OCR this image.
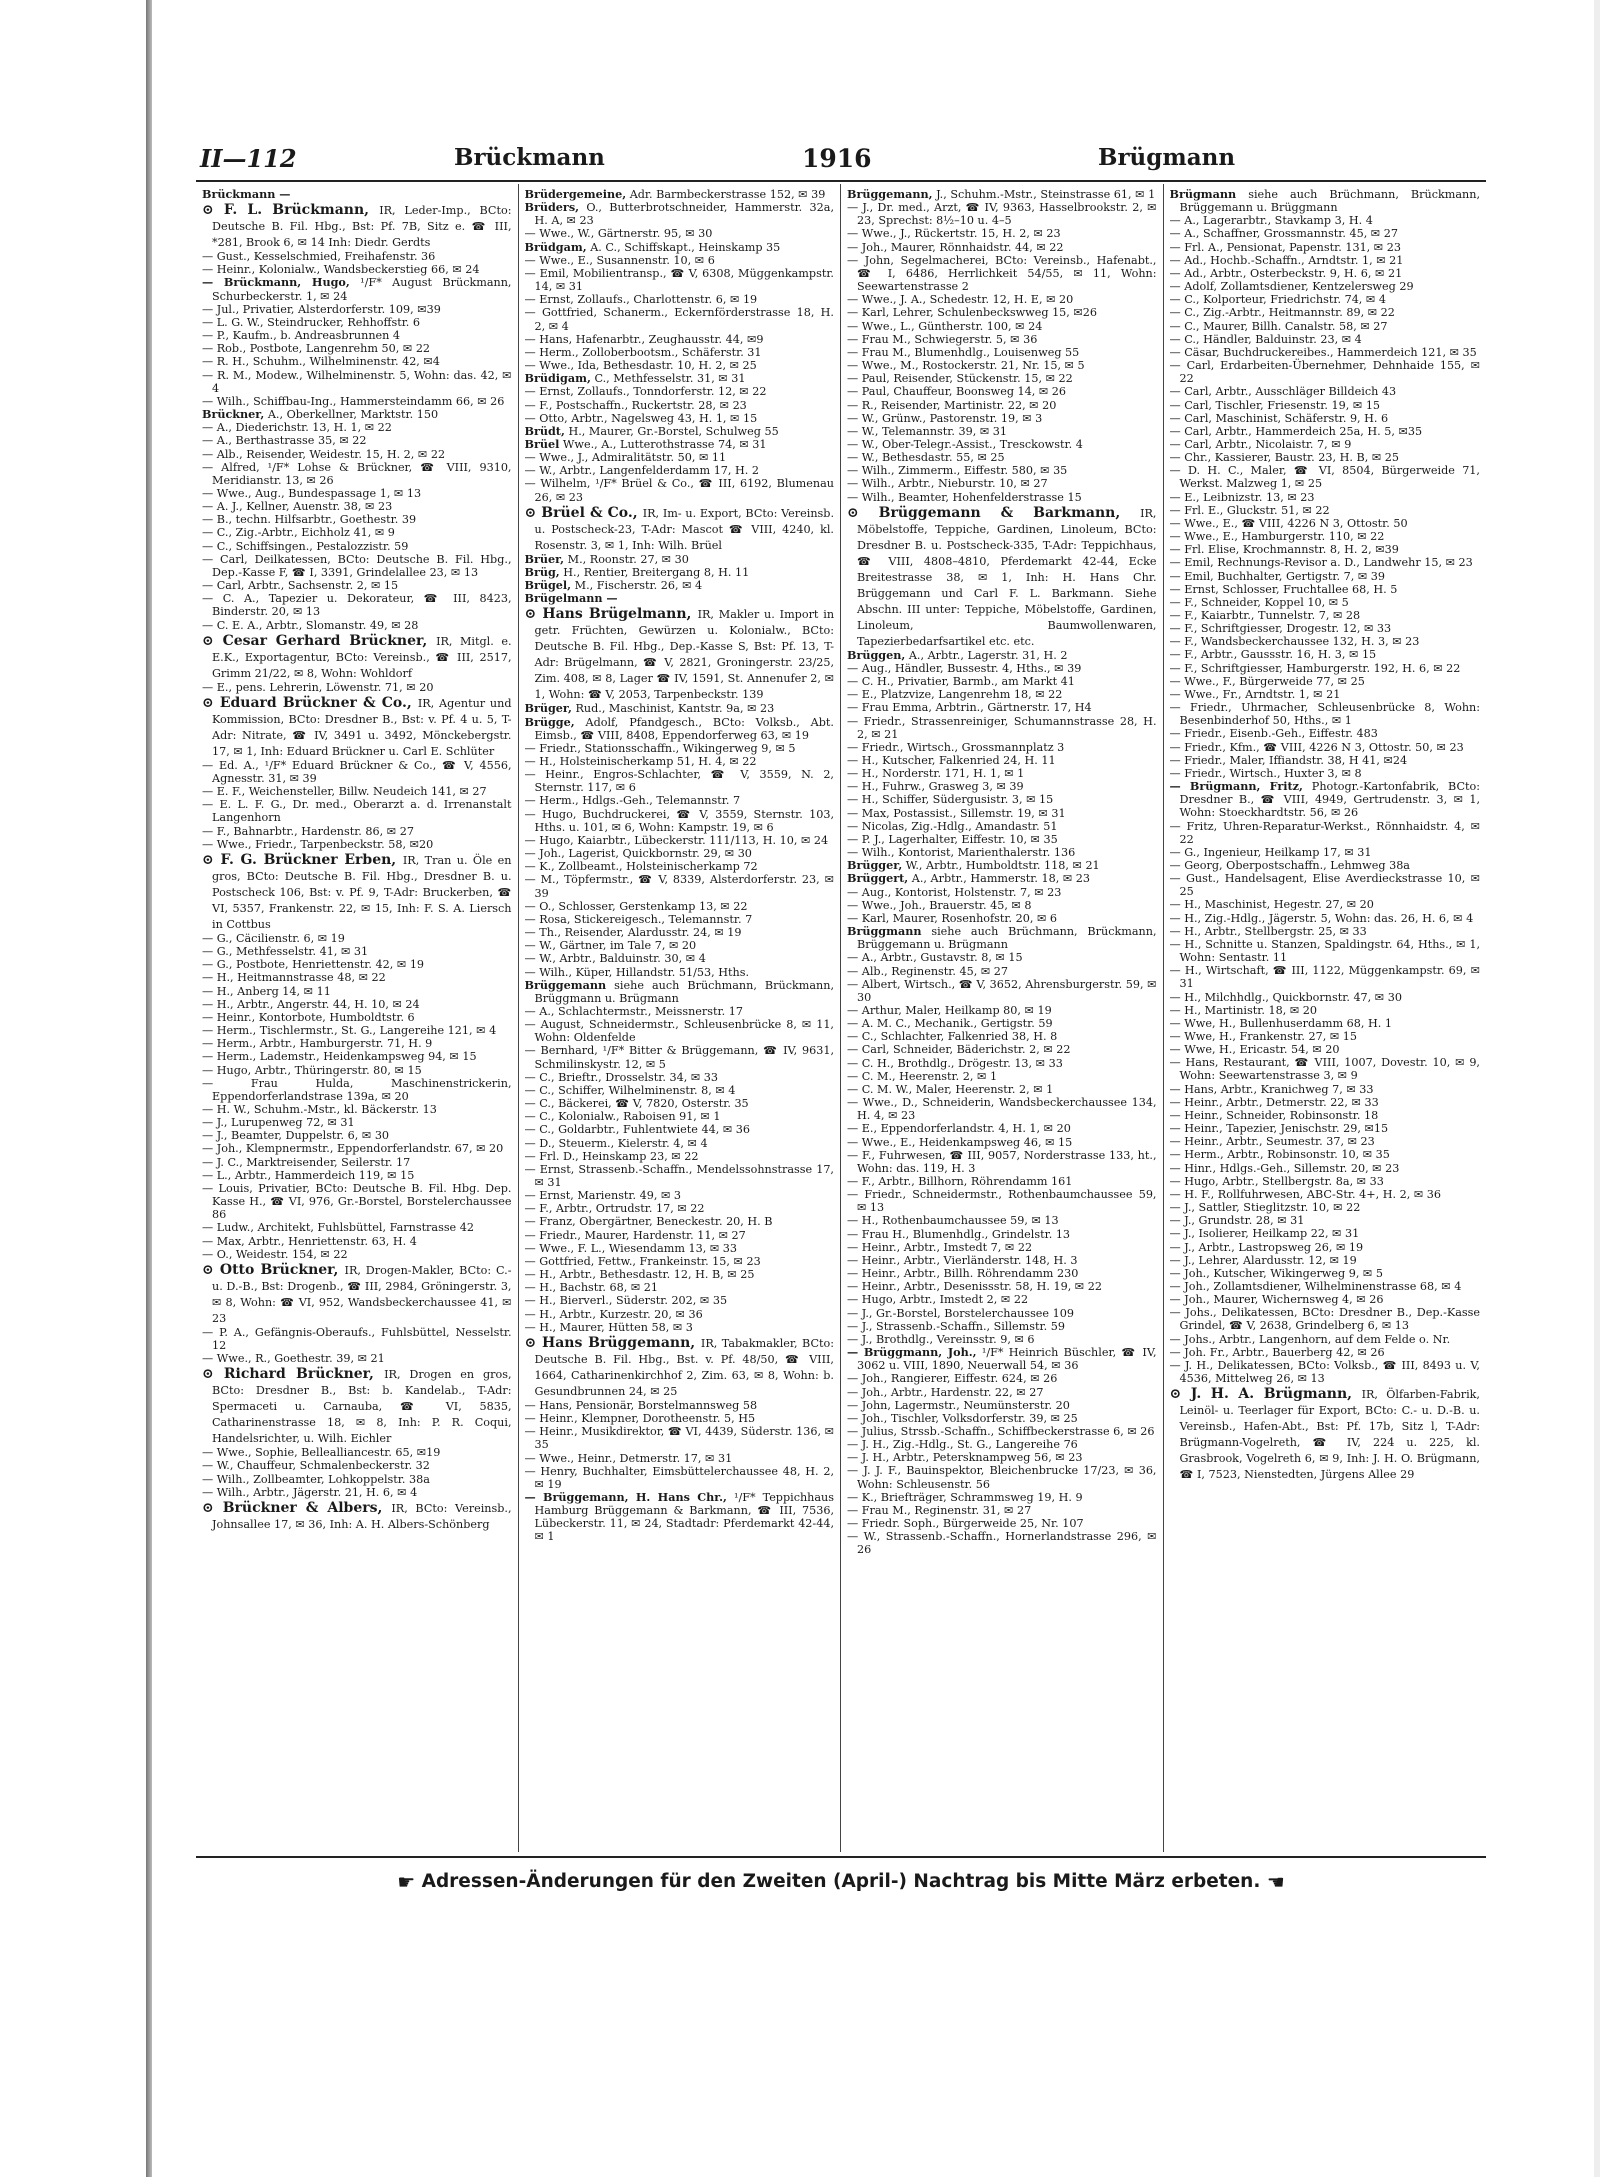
II—112	Brückmann	1916	Brügmann

Brückmann —

⊙ F. L. Brückmann, IR, Leder-Imp., BCto: Deutsche B. Fil. Hbg., Bst: Pf. 7B, Sitz e. ☎ III, *281, Brook 6, ✉ 14 Inh: Diedr. Gerdts

— Gust., Kesselschmied, Freihafenstr. 36

— Heinr., Kolonialw., Wandsbeckerstieg 66, ✉ 24

— Brückmann, Hugo, ¹/F* August Brückmann, Schurbeckerstr. 1, ✉ 24

— Jul., Privatier, Alsterdorferstr. 109, ✉39

— L. G. W., Steindrucker, Rehhoffstr. 6

— P., Kaufm., b. Andreasbrunnen 4

— Rob., Postbote, Langenrehm 50, ✉ 22

— R. H., Schuhm., Wilhelminenstr. 42, ✉4

— R. M., Modew., Wilhelminenstr. 5, Wohn: das. 42, ✉ 4

— Wilh., Schiffbau-Ing., Hammersteindamm 66, ✉ 26

Brückner, A., Oberkellner, Marktstr. 150

— A., Diederichstr. 13, H. 1, ✉ 22

— A., Berthastrasse 35, ✉ 22

— Alb., Reisender, Weidestr. 15, H. 2, ✉ 22

— Alfred, ¹/F* Lohse & Brückner, ☎ VIII, 9310, Meridianstr. 13, ✉ 26

— Wwe., Aug., Bundespassage 1, ✉ 13

— A. J., Kellner, Auenstr. 38, ✉ 23

— B., techn. Hilfsarbtr., Goethestr. 39

— C., Zig.-Arbtr., Eichholz 41, ✉ 9

— C., Schiffsingen., Pestalozzistr. 59

— Carl, Deilkatessen, BCto: Deutsche B. Fil. Hbg., Dep.-Kasse F, ☎ I, 3391, Grindelallee 23, ✉ 13

— Carl, Arbtr., Sachsenstr. 2, ✉ 15

— C. A., Tapezier u. Dekorateur, ☎ III, 8423, Binderstr. 20, ✉ 13

— C. E. A., Arbtr., Slomanstr. 49, ✉ 28

⊙ Cesar Gerhard Brückner, IR, Mitgl. e. E.K., Exportagentur, BCto: Vereinsb., ☎ III, 2517, Grimm 21/22, ✉ 8, Wohn: Wohldorf

— E., pens. Lehrerin, Löwenstr. 71, ✉ 20

⊙ Eduard Brückner & Co., IR, Agentur und Kommission, BCto: Dresdner B., Bst: v. Pf. 4 u. 5, T-Adr: Nitrate, ☎ IV, 3491 u. 3492, Mönckebergstr. 17, ✉ 1, Inh: Eduard Brückner u. Carl E. Schlüter

— Ed. A., ¹/F* Eduard Brückner & Co., ☎ V, 4556, Agnesstr. 31, ✉ 39

— E. F., Weichensteller, Billw. Neudeich 141, ✉ 27

— E. L. F. G., Dr. med., Oberarzt a. d. Irrenanstalt Langenhorn

— F., Bahnarbtr., Hardenstr. 86, ✉ 27

— Wwe., Friedr., Tarpenbeckstr. 58, ✉20

⊙ F. G. Brückner Erben, IR, Tran u. Öle en gros, BCto: Deutsche B. Fil. Hbg., Dresdner B. u. Postscheck 106, Bst: v. Pf. 9, T-Adr: Bruckerben, ☎ VI, 5357, Frankenstr. 22, ✉ 15, Inh: F. S. A. Liersch in Cottbus

— G., Cäcilienstr. 6, ✉ 19

— G., Methfesselstr. 41, ✉ 31

— G., Postbote, Henriettenstr. 42, ✉ 19

— H., Heitmannstrasse 48, ✉ 22

— H., Anberg 14, ✉ 11

— H., Arbtr., Angerstr. 44, H. 10, ✉ 24

— Heinr., Kontorbote, Humboldtstr. 6

— Herm., Tischlermstr., St. G., Langereihe 121, ✉ 4

— Herm., Arbtr., Hamburgerstr. 71, H. 9

— Herm., Lademstr., Heidenkampsweg 94, ✉ 15

— Hugo, Arbtr., Thüringerstr. 80, ✉ 15

— Frau Hulda, Maschinenstrickerin, Eppendorferlandstrase 139a, ✉ 20

— H. W., Schuhm.-Mstr., kl. Bäckerstr. 13

— J., Lurupenweg 72, ✉ 31

— J., Beamter, Duppelstr. 6, ✉ 30

— Joh., Klempnermstr., Eppendorferlandstr. 67, ✉ 20

— J. C., Marktreisender, Seilerstr. 17

— L., Arbtr., Hammerdeich 119, ✉ 15

— Louis, Privatier, BCto: Deutsche B. Fil. Hbg. Dep. Kasse H., ☎ VI, 976, Gr.-Borstel, Borstelerchaussee 86

— Ludw., Architekt, Fuhlsbüttel, Farnstrasse 42

— Max, Arbtr., Henriettenstr. 63, H. 4

— O., Weidestr. 154, ✉ 22

⊙ Otto Brückner, IR, Drogen-Makler, BCto: C.- u. D.-B., Bst: Drogenb., ☎ III, 2984, Gröningerstr. 3, ✉ 8, Wohn: ☎ VI, 952, Wandsbeckerchaussee 41, ✉ 23

— P. A., Gefängnis-Oberaufs., Fuhlsbüttel, Nesselstr. 12

— Wwe., R., Goethestr. 39, ✉ 21

⊙ Richard Brückner, IR, Drogen en gros, BCto: Dresdner B., Bst: b. Kandelab., T-Adr: Spermaceti u. Carnauba, ☎ VI, 5835, Catharinenstrasse 18, ✉ 8, Inh: P. R. Coqui, Handelsrichter, u. Wilh. Eichler

— Wwe., Sophie, Bellealliancestr. 65, ✉19

— W., Chauffeur, Schmalenbeckerstr. 32

— Wilh., Zollbeamter, Lohkoppelstr. 38a

— Wilh., Arbtr., Jägerstr. 21, H. 6, ✉ 4

⊙ Brückner & Albers, IR, BCto: Vereinsb., Johnsallee 17, ✉ 36, Inh: A. H. Albers-Schönberg

Brüdergemeine, Adr. Barmbeckerstrasse 152, ✉ 39

Brüders, O., Butterbrotschneider, Hammerstr. 32a, H. A, ✉ 23

— Wwe., W., Gärtnerstr. 95, ✉ 30

Brüdgam, A. C., Schiffskapt., Heinskamp 35

— Wwe., E., Susannenstr. 10, ✉ 6

— Emil, Mobilientransp., ☎ V, 6308, Müggenkampstr. 14, ✉ 31

— Ernst, Zollaufs., Charlottenstr. 6, ✉ 19

— Gottfried, Schanerm., Eckernförderstrasse 18, H. 2, ✉ 4

— Hans, Hafenarbtr., Zeughausstr. 44, ✉9

— Herm., Zolloberbootsm., Schäferstr. 31

— Wwe., Ida, Bethesdastr. 10, H. 2, ✉ 25

Brüdigam, C., Methfesselstr. 31, ✉ 31

— Ernst, Zollaufs., Tonndorferstr. 12, ✉ 22

— F., Postschaffn., Ruckertstr. 28, ✉ 23

— Otto, Arbtr., Nagelsweg 43, H. 1, ✉ 15

Brüdt, H., Maurer, Gr.-Borstel, Schulweg 55

Brüel Wwe., A., Lutterothstrasse 74, ✉ 31

— Wwe., J., Admiralitätstr. 50, ✉ 11

— W., Arbtr., Langenfelderdamm 17, H. 2

— Wilhelm, ¹/F* Brüel & Co., ☎ III, 6192, Blumenau 26, ✉ 23

⊙ Brüel & Co., IR, Im- u. Export, BCto: Vereinsb. u. Postscheck-23, T-Adr: Mascot ☎ VIII, 4240, kl. Rosenstr. 3, ✉ 1, Inh: Wilh. Brüel

Brüer, M., Roonstr. 27, ✉ 30

Brüg, H., Rentier, Breitergang 8, H. 11

Brügel, M., Fischerstr. 26, ✉ 4

Brügelmann —

⊙ Hans Brügelmann, IR, Makler u. Import in getr. Früchten, Gewürzen u. Kolonialw., BCto: Deutsche B. Fil. Hbg., Dep.-Kasse S, Bst: Pf. 13, T-Adr: Brügelmann, ☎ V, 2821, Groningerstr. 23/25, Zim. 408, ✉ 8, Lager ☎ IV, 1591, St. Annenufer 2, ✉ 1, Wohn: ☎ V, 2053, Tarpenbeckstr. 139

Brüger, Rud., Maschinist, Kantstr. 9a, ✉ 23

Brügge, Adolf, Pfandgesch., BCto: Volksb., Abt. Eimsb., ☎ VIII, 8408, Eppendorferweg 63, ✉ 19

— Friedr., Stationsschaffn., Wikingerweg 9, ✉ 5

— H., Holsteinischerkamp 51, H. 4, ✉ 22

— Heinr., Engros-Schlachter, ☎ V, 3559, N. 2, Sternstr. 117, ✉ 6

— Herm., Hdlgs.-Geh., Telemannstr. 7

— Hugo, Buchdruckerei, ☎ V, 3559, Sternstr. 103, Hths. u. 101, ✉ 6, Wohn: Kampstr. 19, ✉ 6

— Hugo, Kaiarbtr., Lübeckerstr. 111/113, H. 10, ✉ 24

— Joh., Lagerist, Quickbornstr. 29, ✉ 30

— K., Zollbeamt., Holsteinischerkamp 72

— M., Töpfermstr., ☎ V, 8339, Alsterdorferstr. 23, ✉ 39

— O., Schlosser, Gerstenkamp 13, ✉ 22

— Rosa, Stickereigesch., Telemannstr. 7

— Th., Reisender, Alardusstr. 24, ✉ 19

— W., Gärtner, im Tale 7, ✉ 20

— W., Arbtr., Balduinstr. 30, ✉ 4

— Wilh., Küper, Hillandstr. 51/53, Hths.

Brüggemann siehe auch Brüchmann, Brückmann, Brüggmann u. Brügmann

— A., Schlachtermstr., Meissnerstr. 17

— August, Schneidermstr., Schleusenbrücke 8, ✉ 11, Wohn: Oldenfelde

— Bernhard, ¹/F* Bitter & Brüggemann, ☎ IV, 9631, Schmilinskystr. 12, ✉ 5

— C., Brieftr., Drosselstr. 34, ✉ 33

— C., Schiffer, Wilhelminenstr. 8, ✉ 4

— C., Bäckerei, ☎ V, 7820, Osterstr. 35

— C., Kolonialw., Raboisen 91, ✉ 1

— C., Goldarbtr., Fuhlentwiete 44, ✉ 36

— D., Steuerm., Kielerstr. 4, ✉ 4

— Frl. D., Heinskamp 23, ✉ 22

— Ernst, Strassenb.-Schaffn., Mendelssohnstrasse 17, ✉ 31

— Ernst, Marienstr. 49, ✉ 3

— F., Arbtr., Ortrudstr. 17, ✉ 22

— Franz, Obergärtner, Beneckestr. 20, H. B

— Friedr., Maurer, Hardenstr. 11, ✉ 27

— Wwe., F. L., Wiesendamm 13, ✉ 33

— Gottfried, Fettw., Frankeinstr. 15, ✉ 23

— H., Arbtr., Bethesdastr. 12, H. B, ✉ 25

— H., Bachstr. 68, ✉ 21

— H., Bierverl., Süderstr. 202, ✉ 35

— H., Arbtr., Kurzestr. 20, ✉ 36

— H., Maurer, Hütten 58, ✉ 3

⊙ Hans Brüggemann, IR, Tabakmakler, BCto: Deutsche B. Fil. Hbg., Bst. v. Pf. 48/50, ☎ VIII, 1664, Catharinenkirchhof 2, Zim. 63, ✉ 8, Wohn: b. Gesundbrunnen 24, ✉ 25

— Hans, Pensionär, Borstelmannsweg 58

— Heinr., Klempner, Dorotheenstr. 5, H5

— Heinr., Musikdirektor, ☎ VI, 4439, Süderstr. 136, ✉ 35

— Wwe., Heinr., Detmerstr. 17, ✉ 31

— Henry, Buchhalter, Eimsbüttelerchaussee 48, H. 2, ✉ 19

— Brüggemann, H. Hans Chr., ¹/F* Teppichhaus Hamburg Brüggemann & Barkmann, ☎ III, 7536, Lübeckerstr. 11, ✉ 24, Stadtadr: Pferdemarkt 42-44, ✉ 1

Brüggemann, J., Schuhm.-Mstr., Steinstrasse 61, ✉ 1

— J., Dr. med., Arzt, ☎ IV, 9363, Hasselbrookstr. 2, ✉ 23, Sprechst: 8½–10 u. 4–5

— Wwe., J., Rückertstr. 15, H. 2, ✉ 23

— Joh., Maurer, Rönnhaidstr. 44, ✉ 22

— John, Segelmacherei, BCto: Vereinsb., Hafenabt., ☎ I, 6486, Herrlichkeit 54/55, ✉ 11, Wohn: Seewartenstrasse 2

— Wwe., J. A., Schedestr. 12, H. E, ✉ 20

— Karl, Lehrer, Schulenbeckswweg 15, ✉26

— Wwe., L., Güntherstr. 100, ✉ 24

— Frau M., Schwiegerstr. 5, ✉ 36

— Frau M., Blumenhdlg., Louisenweg 55

— Wwe., M., Rostockerstr. 21, Nr. 15, ✉ 5

— Paul, Reisender, Stückenstr. 15, ✉ 22

— Paul, Chauffeur, Boonsweg 14, ✉ 26

— R., Reisender, Martinistr. 22, ✉ 20

— W., Grünw., Pastorenstr. 19, ✉ 3

— W., Telemannstr. 39, ✉ 31

— W., Ober-Telegr.-Assist., Tresckowstr. 4

— W., Bethesdastr. 55, ✉ 25

— Wilh., Zimmerm., Eiffestr. 580, ✉ 35

— Wilh., Arbtr., Nieburstr. 10, ✉ 27

— Wilh., Beamter, Hohenfelderstrasse 15

⊙ Brüggemann & Barkmann, IR, Möbelstoffe, Teppiche, Gardinen, Linoleum, BCto: Dresdner B. u. Postscheck-335, T-Adr: Teppichhaus, ☎ VIII, 4808–4810, Pferdemarkt 42-44, Ecke Breitestrasse 38, ✉ 1, Inh: H. Hans Chr. Brüggemann und Carl F. L. Barkmann. Siehe Abschn. III unter: Teppiche, Möbelstoffe, Gardinen, Linoleum, Baumwollenwaren, Tapezierbedarfsartikel etc. etc.

Brüggen, A., Arbtr., Lagerstr. 31, H. 2

— Aug., Händler, Bussestr. 4, Hths., ✉ 39

— C. H., Privatier, Barmb., am Markt 41

— E., Platzvize, Langenrehm 18, ✉ 22

— Frau Emma, Arbtrin., Gärtnerstr. 17, H4

— Friedr., Strassenreiniger, Schumannstrasse 28, H. 2, ✉ 21

— Friedr., Wirtsch., Grossmannplatz 3

— H., Kutscher, Falkenried 24, H. 11

— H., Norderstr. 171, H. 1, ✉ 1

— H., Fuhrw., Grasweg 3, ✉ 39

— H., Schiffer, Südergusistr. 3, ✉ 15

— Max, Postassist., Sillemstr. 19, ✉ 31

— Nicolas, Zig.-Hdlg., Amandastr. 51

— P. J., Lagerhalter, Eiffestr. 10, ✉ 35

— Wilh., Kontorist, Marienthalerstr. 136

Brügger, W., Arbtr., Humboldtstr. 118, ✉ 21

Brüggert, A., Arbtr., Hammerstr. 18, ✉ 23

— Aug., Kontorist, Holstenstr. 7, ✉ 23

— Wwe., Joh., Brauerstr. 45, ✉ 8

— Karl, Maurer, Rosenhofstr. 20, ✉ 6

Brüggmann siehe auch Brüchmann, Brückmann, Brüggemann u. Brügmann

— A., Arbtr., Gustavstr. 8, ✉ 15

— Alb., Reginenstr. 45, ✉ 27

— Albert, Wirtsch., ☎ V, 3652, Ahrensburgerstr. 59, ✉ 30

— Arthur, Maler, Heilkamp 80, ✉ 19

— A. M. C., Mechanik., Gertigstr. 59

— C., Schlachter, Falkenried 38, H. 8

— Carl, Schneider, Bäderichstr. 2, ✉ 22

— C. H., Brothdlg., Drögestr. 13, ✉ 33

— C. M., Heerenstr. 2, ✉ 1

— C. M. W., Maler, Heerenstr. 2, ✉ 1

— Wwe., D., Schneiderin, Wandsbeckerchaussee 134, H. 4, ✉ 23

— E., Eppendorferlandstr. 4, H. 1, ✉ 20

— Wwe., E., Heidenkampsweg 46, ✉ 15

— F., Fuhrwesen, ☎ III, 9057, Norderstrasse 133, ht., Wohn: das. 119, H. 3

— F., Arbtr., Billhorn, Röhrendamm 161

— Friedr., Schneidermstr., Rothenbaumchaussee 59, ✉ 13

— H., Rothenbaumchaussee 59, ✉ 13

— Frau H., Blumenhdlg., Grindelstr. 13

— Heinr., Arbtr., Imstedt 7, ✉ 22

— Heinr., Arbtr., Vierländerstr. 148, H. 3

— Heinr., Arbtr., Billh. Röhrendamm 230

— Heinr., Arbtr., Desenissstr. 58, H. 19, ✉ 22

— Hugo, Arbtr., Imstedt 2, ✉ 22

— J., Gr.-Borstel, Borstelerchaussee 109

— J., Strassenb.-Schaffn., Sillemstr. 59

— J., Brothdlg., Vereinsstr. 9, ✉ 6

— Brüggmann, Joh., ¹/F* Heinrich Büschler, ☎ IV, 3062 u. VIII, 1890, Neuerwall 54, ✉ 36

— Joh., Rangierer, Eiffestr. 624, ✉ 26

— Joh., Arbtr., Hardenstr. 22, ✉ 27

— John, Lagermstr., Neumünsterstr. 20

— Joh., Tischler, Volksdorferstr. 39, ✉ 25

— Julius, Strssb.-Schaffn., Schiffbeckerstrasse 6, ✉ 26

— J. H., Zig.-Hdlg., St. G., Langereihe 76

— J. H., Arbtr., Petersknampweg 56, ✉ 23

— J. J. F., Bauinspektor, Bleichenbrucke 17/23, ✉ 36, Wohn: Schleusenstr. 56

— K., Briefträger, Schrammsweg 19, H. 9

— Frau M., Reginenstr. 31, ✉ 27

— Friedr. Soph., Bürgerweide 25, Nr. 107

— W., Strassenb.-Schaffn., Hornerlandstrasse 296, ✉ 26

Brügmann siehe auch Brüchmann, Brückmann, Brüggemann u. Brüggmann

— A., Lagerarbtr., Stavkamp 3, H. 4

— A., Schaffner, Grossmannstr. 45, ✉ 27

— Frl. A., Pensionat, Papenstr. 131, ✉ 23

— Ad., Hochb.-Schaffn., Arndtstr. 1, ✉ 21

— Ad., Arbtr., Osterbeckstr. 9, H. 6, ✉ 21

— Adolf, Zollamtsdiener, Kentzelersweg 29

— C., Kolporteur, Friedrichstr. 74, ✉ 4

— C., Zig.-Arbtr., Heitmannstr. 89, ✉ 22

— C., Maurer, Billh. Canalstr. 58, ✉ 27

— C., Händler, Balduinstr. 23, ✉ 4

— Cäsar, Buchdruckereibes., Hammerdeich 121, ✉ 35

— Carl, Erdarbeiten-Übernehmer, Dehnhaide 155, ✉ 22

— Carl, Arbtr., Ausschläger Billdeich 43

— Carl, Tischler, Friesenstr. 19, ✉ 15

— Carl, Maschinist, Schäferstr. 9, H. 6

— Carl, Arbtr., Hammerdeich 25a, H. 5, ✉35

— Carl, Arbtr., Nicolaistr. 7, ✉ 9

— Chr., Kassierer, Baustr. 23, H. B, ✉ 25

— D. H. C., Maler, ☎ VI, 8504, Bürgerweide 71, Werkst. Malzweg 1, ✉ 25

— E., Leibnizstr. 13, ✉ 23

— Frl. E., Gluckstr. 51, ✉ 22

— Wwe., E., ☎ VIII, 4226 N 3, Ottostr. 50

— Wwe., E., Hamburgerstr. 110, ✉ 22

— Frl. Elise, Krochmannstr. 8, H. 2, ✉39

— Emil, Rechnungs-Revisor a. D., Landwehr 15, ✉ 23

— Emil, Buchhalter, Gertigstr. 7, ✉ 39

— Ernst, Schlosser, Fruchtallee 68, H. 5

— F., Schneider, Koppel 10, ✉ 5

— F., Kaiarbtr., Tunnelstr. 7, ✉ 28

— F., Schriftgiesser, Drogestr. 12, ✉ 33

— F., Wandsbeckerchaussee 132, H. 3, ✉ 23

— F., Arbtr., Gaussstr. 16, H. 3, ✉ 15

— F., Schriftgiesser, Hamburgerstr. 192, H. 6, ✉ 22

— Wwe., F., Bürgerweide 77, ✉ 25

— Wwe., Fr., Arndtstr. 1, ✉ 21

— Friedr., Uhrmacher, Schleusenbrücke 8, Wohn: Besenbinderhof 50, Hths., ✉ 1

— Friedr., Eisenb.-Geh., Eiffestr. 483

— Friedr., Kfm., ☎ VIII, 4226 N 3, Ottostr. 50, ✉ 23

— Friedr., Maler, Iffiandstr. 38, H 41, ✉24

— Friedr., Wirtsch., Huxter 3, ✉ 8

— Brügmann, Fritz, Photogr.-Kartonfabrik, BCto: Dresdner B., ☎ VIII, 4949, Gertrudenstr. 3, ✉ 1, Wohn: Stoeckhardtstr. 56, ✉ 26

— Fritz, Uhren-Reparatur-Werkst., Rönnhaidstr. 4, ✉ 22

— G., Ingenieur, Heilkamp 17, ✉ 31

— Georg, Oberpostschaffn., Lehmweg 38a

— Gust., Handelsagent, Elise Averdieckstrasse 10, ✉ 25

— H., Maschinist, Hegestr. 27, ✉ 20

— H., Zig.-Hdlg., Jägerstr. 5, Wohn: das. 26, H. 6, ✉ 4

— H., Arbtr., Stellbergstr. 25, ✉ 33

— H., Schnitte u. Stanzen, Spaldingstr. 64, Hths., ✉ 1, Wohn: Sentastr. 11

— H., Wirtschaft, ☎ III, 1122, Müggenkampstr. 69, ✉ 31

— H., Milchhdlg., Quickbornstr. 47, ✉ 30

— H., Martinistr. 18, ✉ 20

— Wwe, H., Bullenhuserdamm 68, H. 1

— Wwe, H., Frankenstr. 27, ✉ 15

— Wwe, H., Ericastr. 54, ✉ 20

— Hans, Restaurant, ☎ VIII, 1007, Dovestr. 10, ✉ 9, Wohn: Seewartenstrasse 3, ✉ 9

— Hans, Arbtr., Kranichweg 7, ✉ 33

— Heinr., Arbtr., Detmerstr. 22, ✉ 33

— Heinr., Schneider, Robinsonstr. 18

— Heinr., Tapezier, Jenischstr. 29, ✉15

— Heinr., Arbtr., Seumestr. 37, ✉ 23

— Herm., Arbtr., Robinsonstr. 10, ✉ 35

— Hinr., Hdlgs.-Geh., Sillemstr. 20, ✉ 23

— Hugo, Arbtr., Stellbergstr. 8a, ✉ 33

— H. F., Rollfuhrwesen, ABC-Str. 4+, H. 2, ✉ 36

— J., Sattler, Stieglitzstr. 10, ✉ 22

— J., Grundstr. 28, ✉ 31

— J., Isolierer, Heilkamp 22, ✉ 31

— J., Arbtr., Lastropsweg 26, ✉ 19

— J., Lehrer, Alardusstr. 12, ✉ 19

— Joh., Kutscher, Wikingerweg 9, ✉ 5

— Joh., Zollamtsdiener, Wilhelminenstrasse 68, ✉ 4

— Joh., Maurer, Wichernsweg 4, ✉ 26

— Johs., Delikatessen, BCto: Dresdner B., Dep.-Kasse Grindel, ☎ V, 2638, Grindelberg 6, ✉ 13

— Johs., Arbtr., Langenhorn, auf dem Felde o. Nr.

— Joh. Fr., Arbtr., Bauerberg 42, ✉ 26

— J. H., Delikatessen, BCto: Volksb., ☎ III, 8493 u. V, 4536, Mittelweg 26, ✉ 13

⊙ J. H. A. Brügmann, IR, Ölfarben-Fabrik, Leinöl- u. Teerlager für Export, BCto: C.- u. D.-B. u. Vereinsb., Hafen-Abt., Bst: Pf. 17b, Sitz l, T-Adr: Brügmann-Vogelreth, ☎ IV, 224 u. 225, kl. Grasbrook, Vogelreth 6, ✉ 9, Inh: J. H. O. Brügmann, ☎ I, 7523, Nienstedten, Jürgens Allee 29

☛ Adressen-Änderungen für den Zweiten (April-) Nachtrag bis Mitte März erbeten. ☚
